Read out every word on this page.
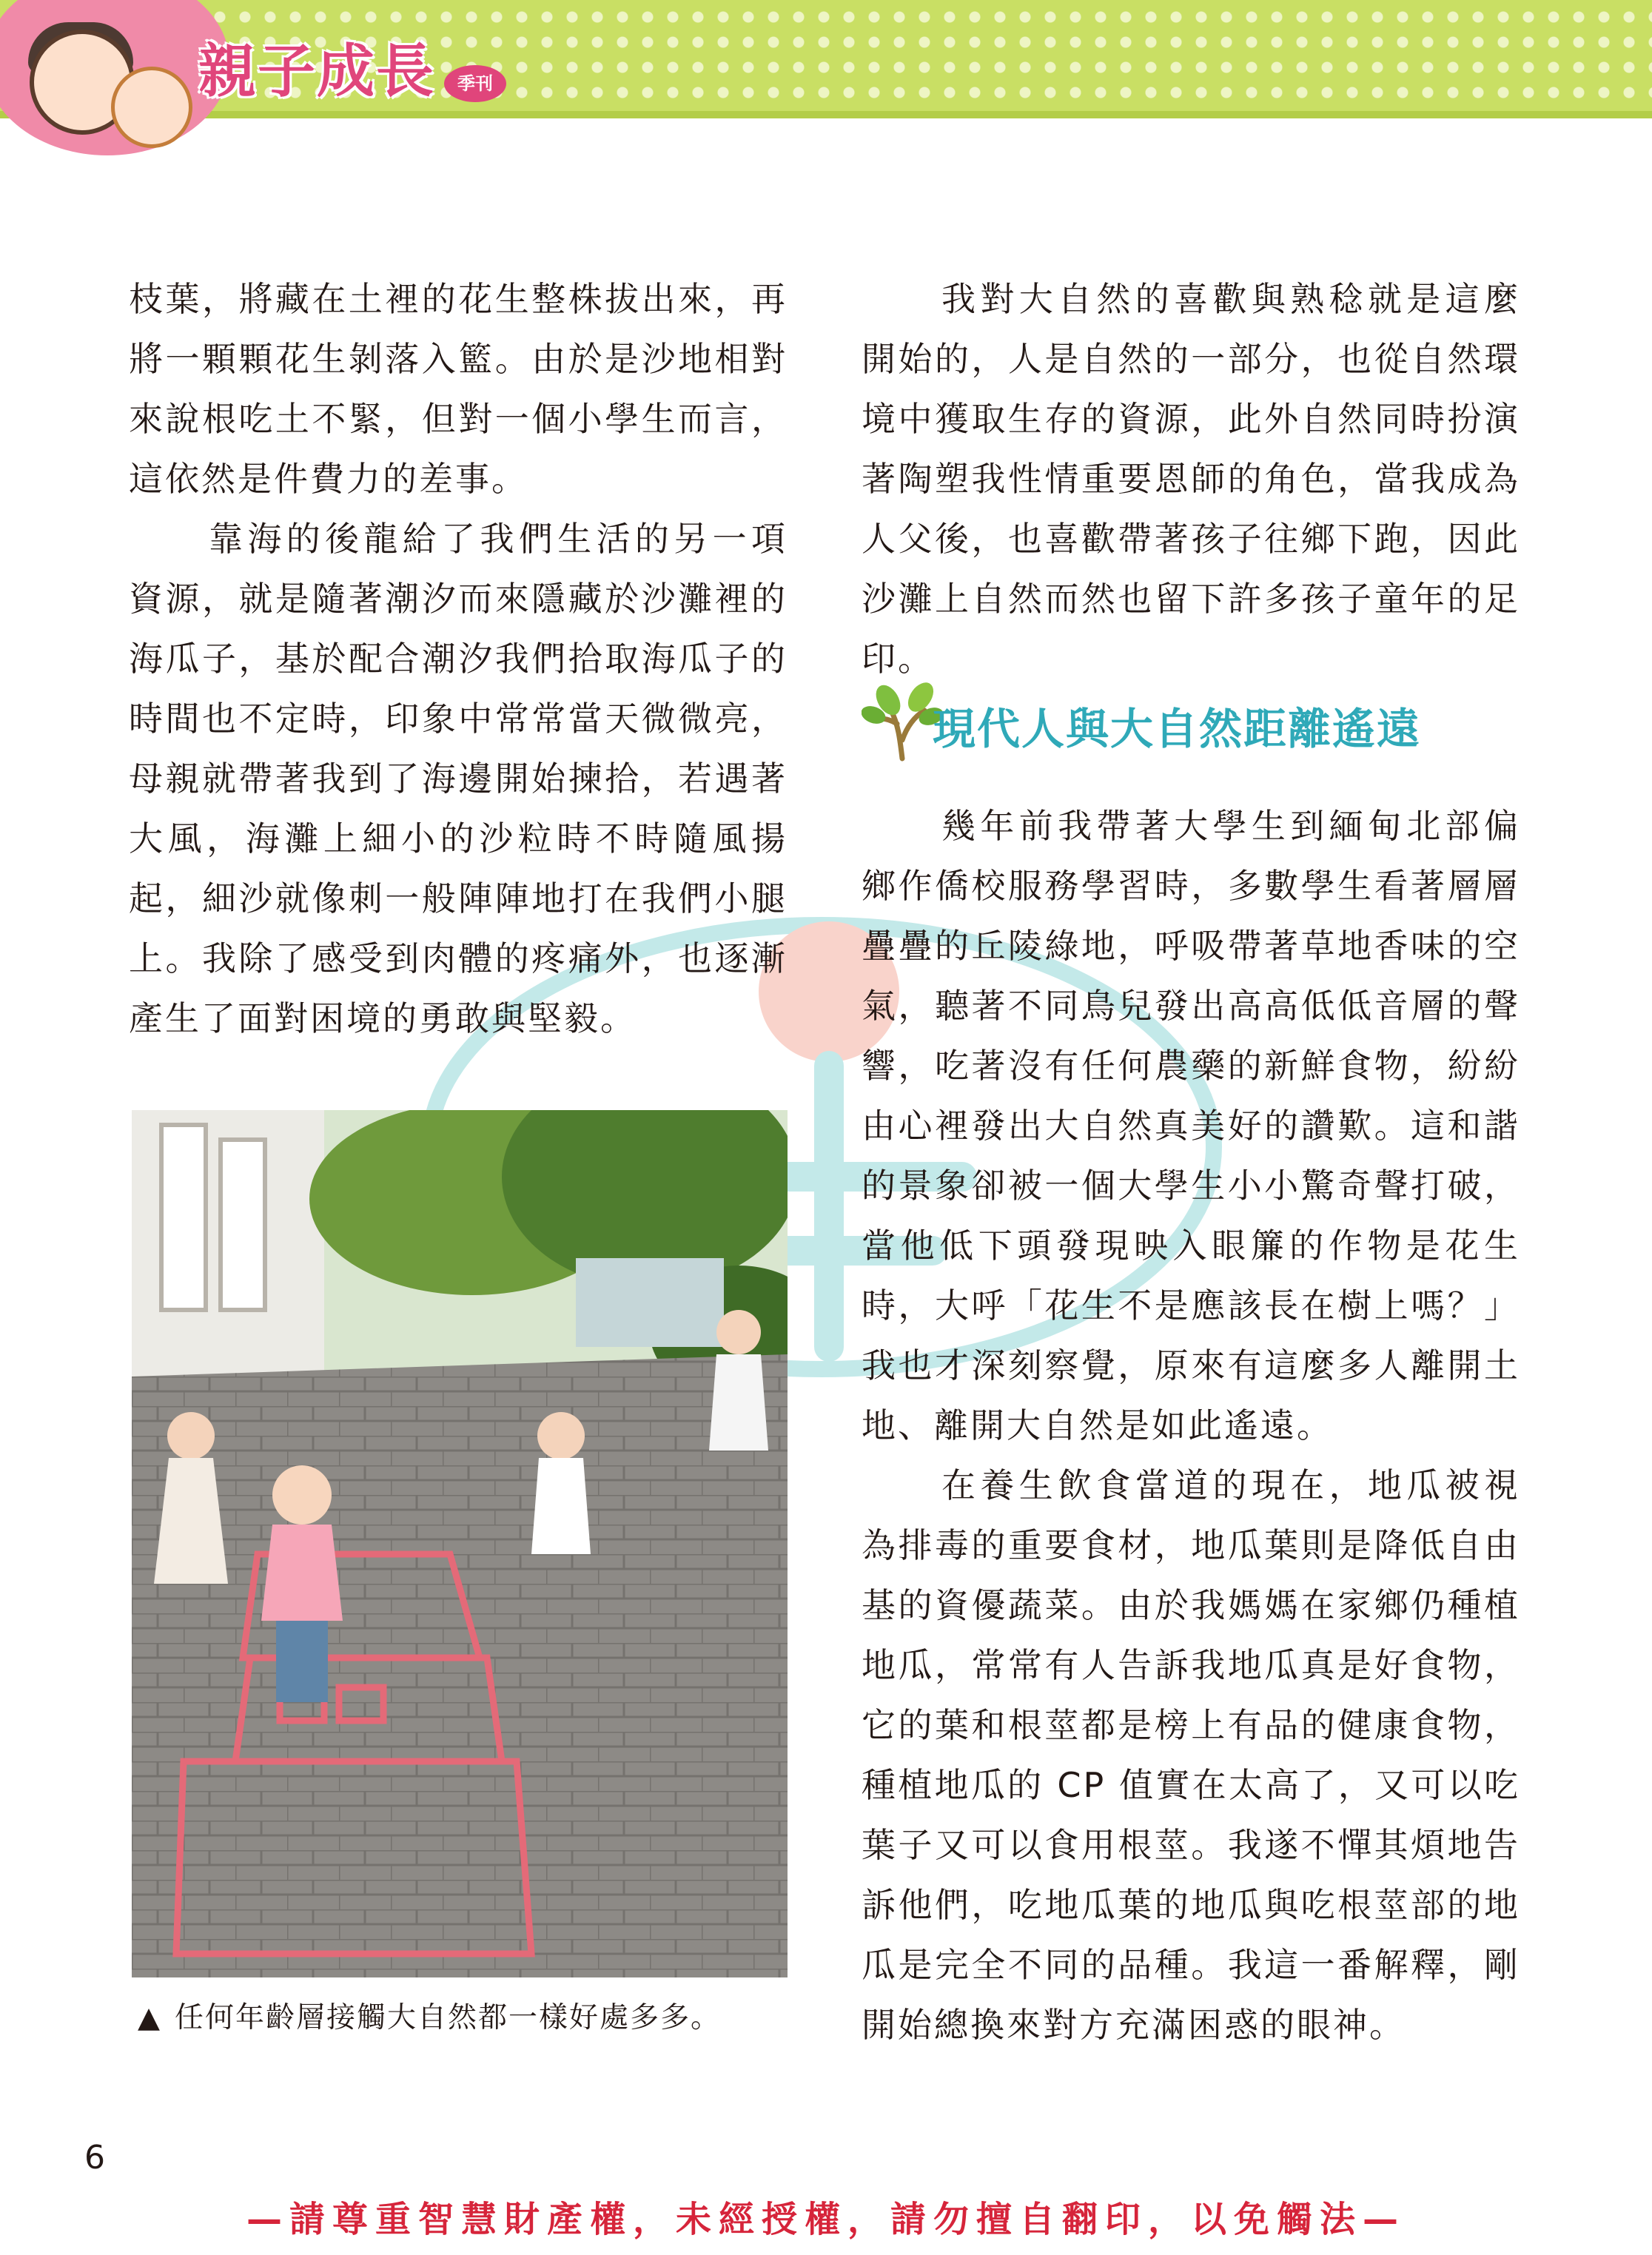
親子成長	季刊

枝葉，將藏在土裡的花生整株拔出來，再將一顆顆花生剝落入籃。由於是沙地相對來說根吃土不緊，但對一個小學生而言，這依然是件費力的差事。

靠海的後龍給了我們生活的另一項資源，就是隨著潮汐而來隱藏於沙灘裡的海瓜子，基於配合潮汐我們拾取海瓜子的時間也不定時，印象中常常當天微微亮，母親就帶著我到了海邊開始揀拾，若遇著大風，海灘上細小的沙粒時不時隨風揚起，細沙就像刺一般陣陣地打在我們小腿上。我除了感受到肉體的疼痛外，也逐漸產生了面對困境的勇敢與堅毅。

我對大自然的喜歡與熟稔就是這麼開始的，人是自然的一部分，也從自然環境中獲取生存的資源，此外自然同時扮演著陶塑我性情重要恩師的角色，當我成為人父後，也喜歡帶著孩子往鄉下跑，因此沙灘上自然而然也留下許多孩子童年的足印。

現代人與大自然距離遙遠

幾年前我帶著大學生到緬甸北部偏鄉作僑校服務學習時，多數學生看著層層疊疊的丘陵綠地，呼吸帶著草地香味的空氣，聽著不同鳥兒發出高高低低音層的聲響，吃著沒有任何農藥的新鮮食物，紛紛由心裡發出大自然真美好的讚歎。這和諧的景象卻被一個大學生小小驚奇聲打破，當他低下頭發現映入眼簾的作物是花生時，大呼「花生不是應該長在樹上嗎？」我也才深刻察覺，原來有這麼多人離開土地、離開大自然是如此遙遠。

在養生飲食當道的現在，地瓜被視為排毒的重要食材，地瓜葉則是降低自由基的資優蔬菜。由於我媽媽在家鄉仍種植地瓜，常常有人告訴我地瓜真是好食物，它的葉和根莖都是榜上有品的健康食物，種植地瓜的 CP 值實在太高了，又可以吃葉子又可以食用根莖。我遂不憚其煩地告訴他們，吃地瓜葉的地瓜與吃根莖部的地瓜是完全不同的品種。我這一番解釋，剛開始總換來對方充滿困惑的眼神。

▲ 任何年齡層接觸大自然都一樣好處多多。
6
—請尊重智慧財產權，未經授權，請勿擅自翻印，以免觸法—
